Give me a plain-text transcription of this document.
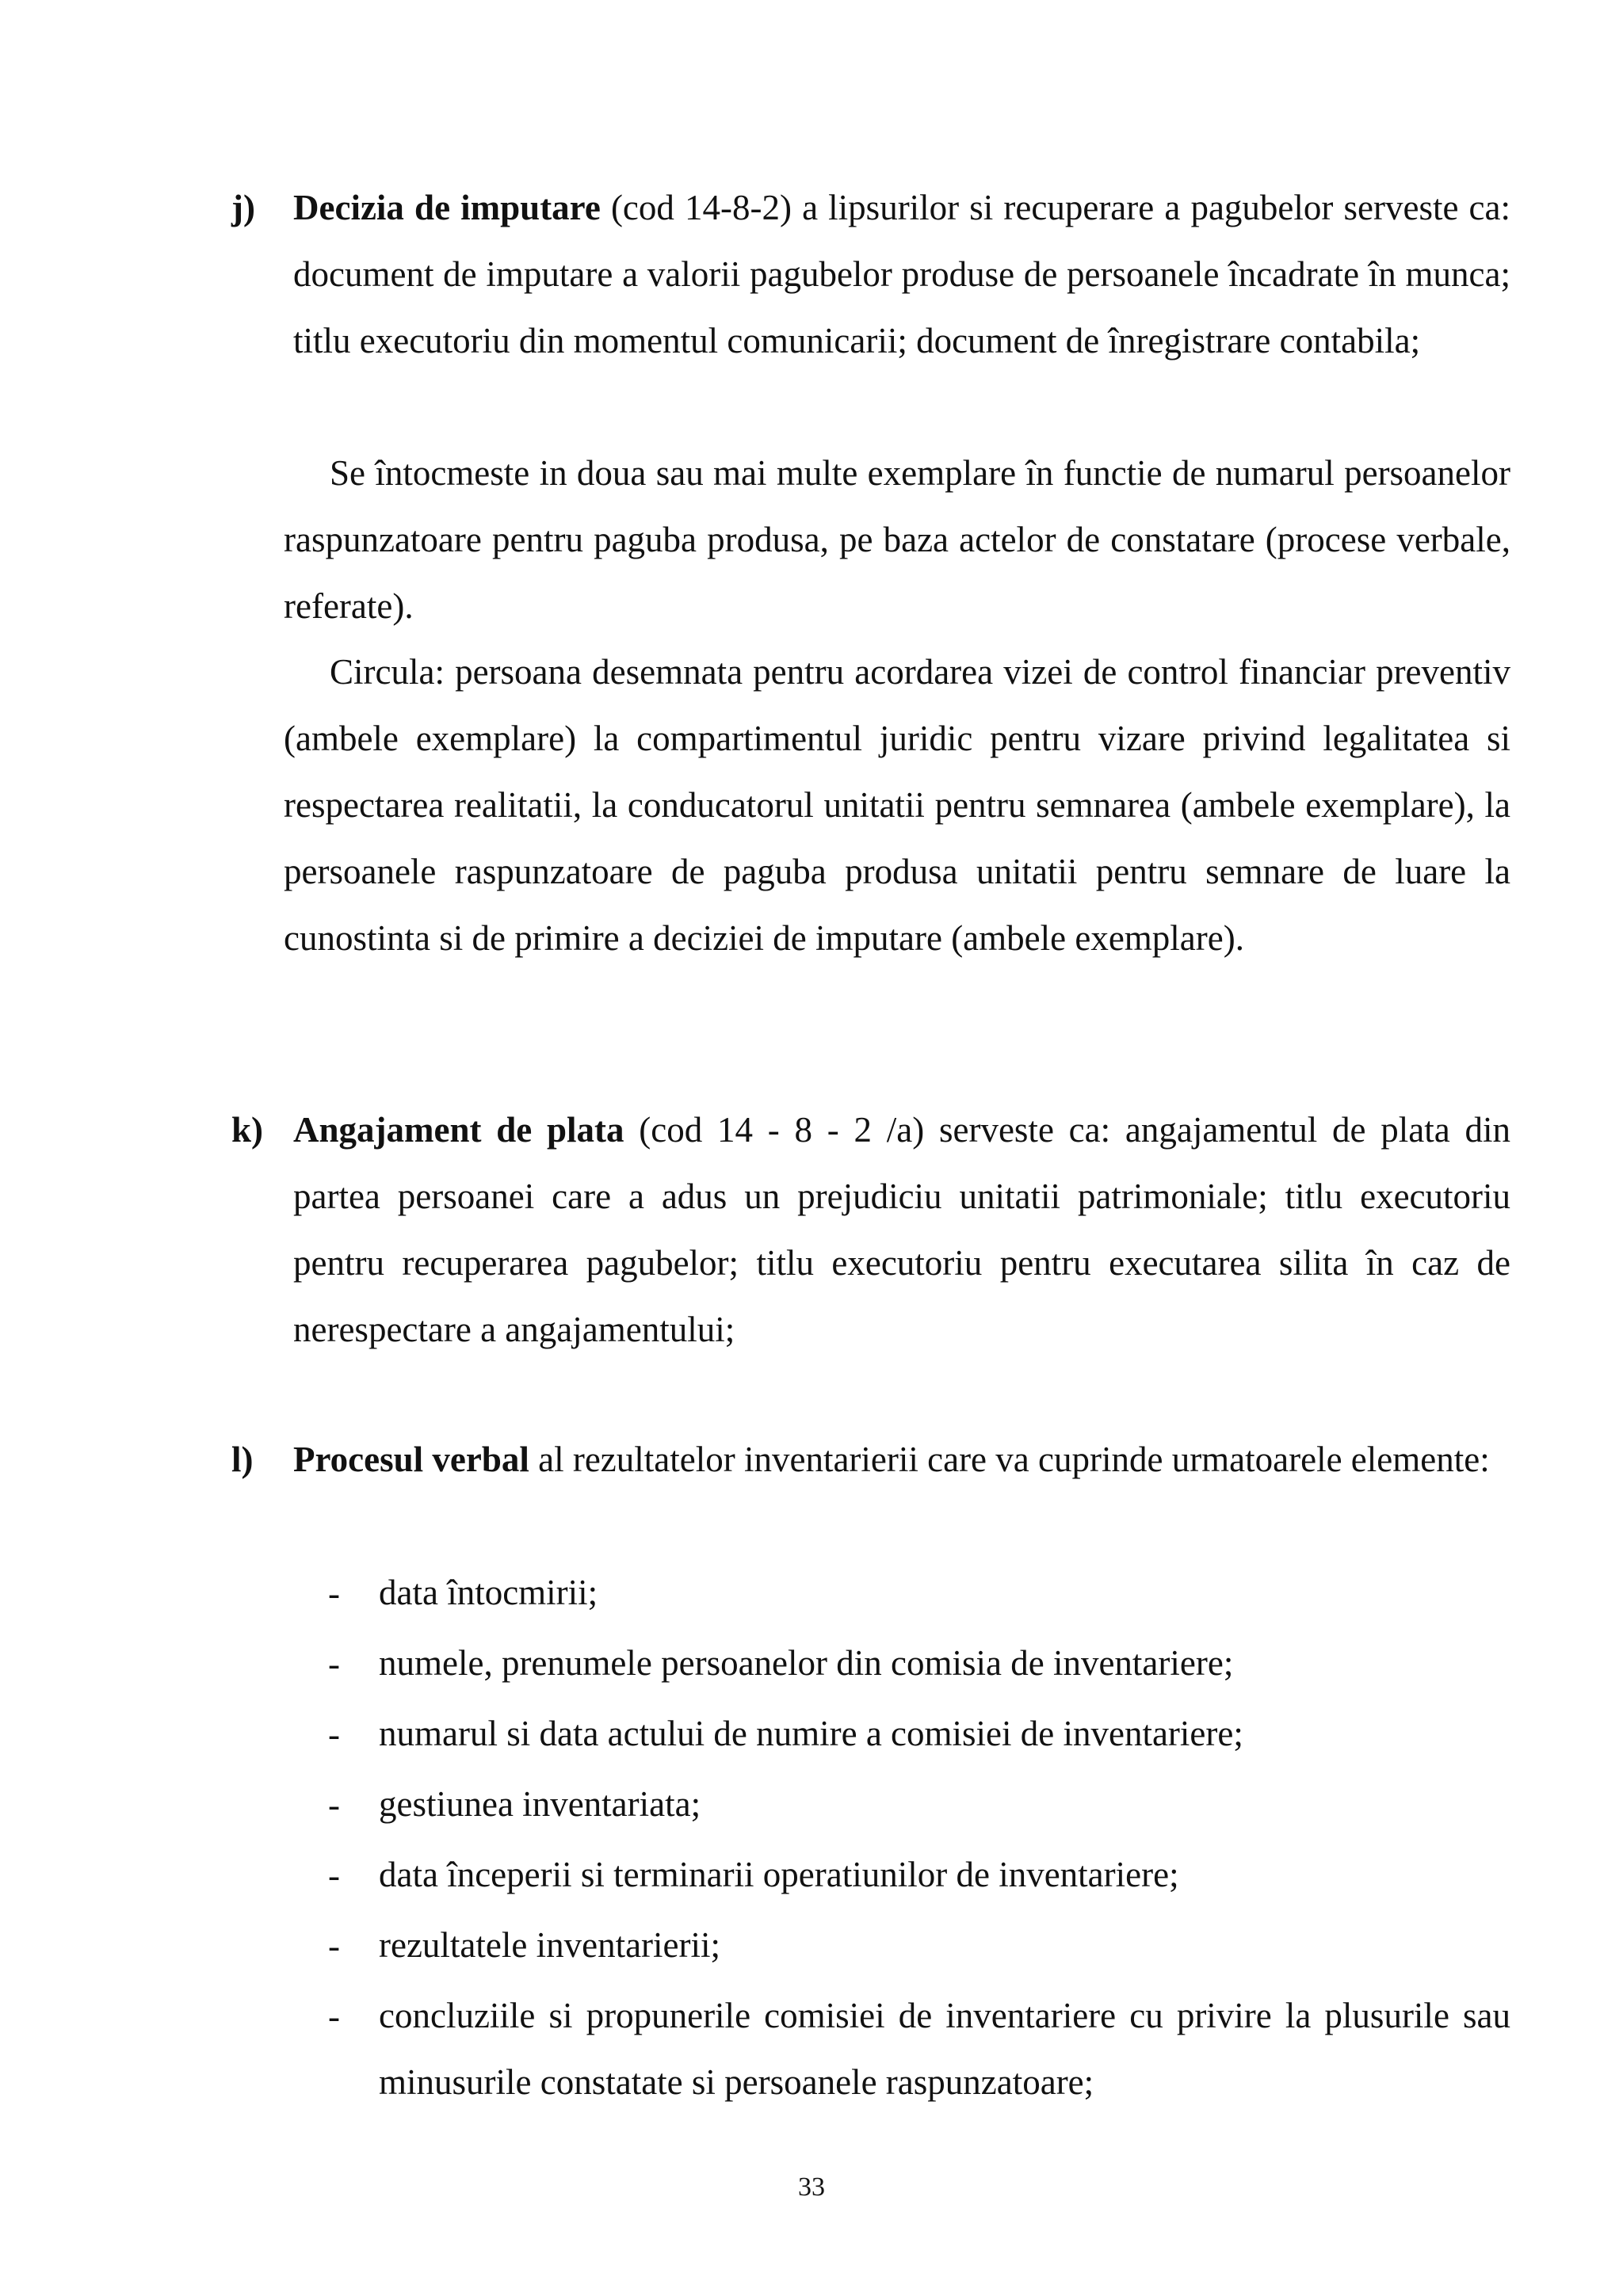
j)	Decizia de imputare (cod 14-8-2) a lipsurilor si recuperare a pagubelor serveste ca: document de imputare a valorii pagubelor produse de persoanele încadrate în munca; titlu executoriu din momentul comunicarii; document de înregistrare contabila;
Se întocmeste in doua sau mai multe exemplare în functie de numarul persoanelor raspunzatoare pentru paguba produsa, pe baza actelor de constatare (procese verbale, referate).
Circula: persoana desemnata pentru acordarea vizei de control financiar preventiv (ambele exemplare) la compartimentul juridic pentru vizare privind legalitatea si respectarea realitatii, la conducatorul unitatii pentru semnarea (ambele exemplare), la persoanele raspunzatoare de paguba produsa unitatii pentru semnare de luare la cunostinta si de primire a deciziei de imputare (ambele exemplare).
k) Angajament de plata (cod 14 - 8 - 2 /a) serveste ca: angajamentul de plata din partea persoanei care a adus un prejudiciu unitatii patrimoniale; titlu executoriu pentru recuperarea pagubelor; titlu executoriu pentru executarea silita în caz de nerespectare a angajamentului;
l)	Procesul verbal al rezultatelor inventarierii care va cuprinde urmatoarele elemente:
-	data întocmirii;
-	numele, prenumele persoanelor din comisia de inventariere;
-	numarul si data actului de numire a comisiei de inventariere;
-	gestiunea inventariata;
-	data începerii si terminarii operatiunilor de inventariere;
-	rezultatele inventarierii;
-	concluziile si propunerile comisiei de inventariere cu privire la plusurile sau minusurile constatate si persoanele raspunzatoare;
33
